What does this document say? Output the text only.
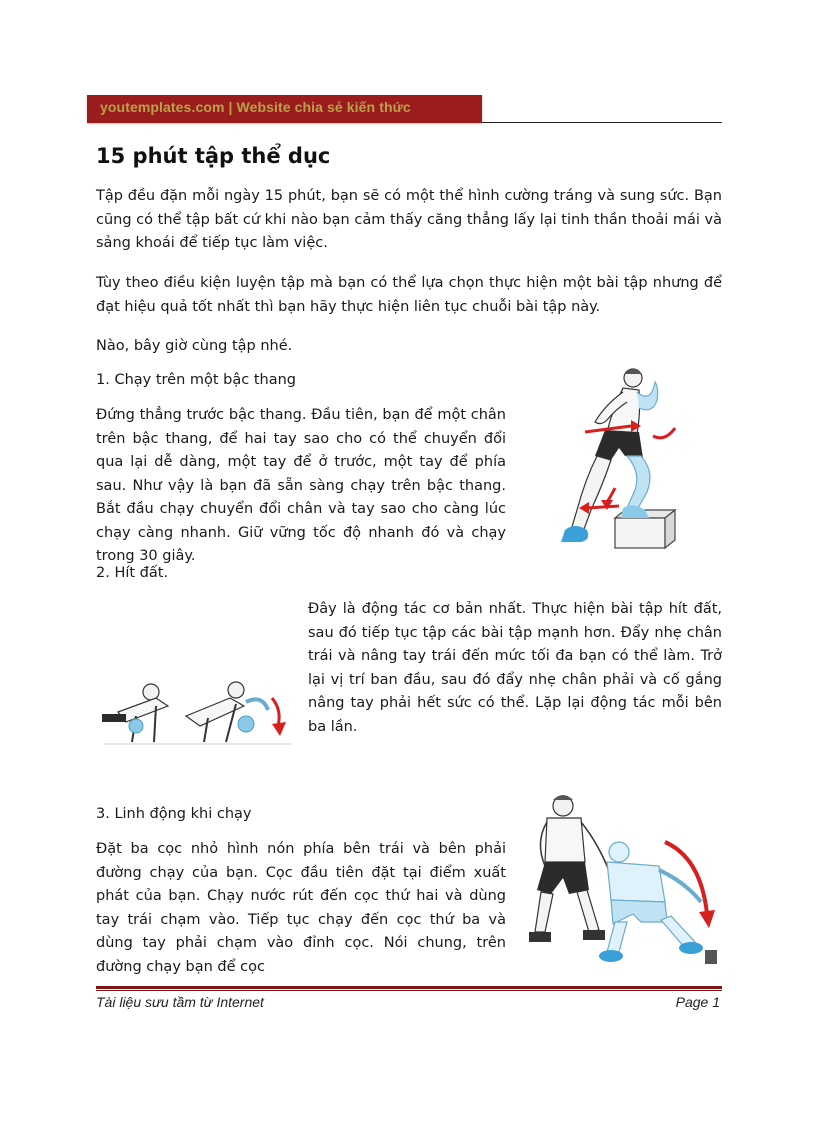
youtemplates.com | Website chia sẻ kiến thức
15 phút tập thể dục

Tập đều đặn mỗi ngày 15 phút, bạn sẽ có một thể hình cường tráng và sung sức. Bạn cũng có thể tập bất cứ khi nào bạn cảm thấy căng thẳng lấy lại tinh thần thoải mái và sảng khoái để tiếp tục làm việc.

Tùy theo điều kiện luyện tập mà bạn có thể lựa chọn thực hiện một bài tập nhưng để đạt hiệu quả tốt nhất thì bạn hãy thực hiện liên tục chuỗi bài tập này.

Nào, bây giờ cùng tập nhé.

1. Chạy trên một bậc thang

Đứng thẳng trước bậc thang. Đầu tiên, bạn để một chân trên bậc thang, để hai tay sao cho có thể chuyển đổi qua lại dễ dàng, một tay để ở trước, một tay để phía sau. Như vậy là bạn đã sẵn sàng chạy trên bậc thang. Bắt đầu chạy chuyển đổi chân và tay sao cho càng lúc chạy càng nhanh. Giữ vững tốc độ nhanh đó và chạy trong 30 giây.

2. Hít đất.

Đây là động tác cơ bản nhất. Thực hiện bài tập hít đất, sau đó tiếp tục tập các bài tập mạnh hơn. Đẩy nhẹ chân trái và nâng tay trái đến mức tối đa bạn có thể làm. Trở lại vị trí ban đầu, sau đó đẩy nhẹ chân phải và cố gắng nâng tay phải hết sức có thể. Lặp lại động tác mỗi bên ba lần.

3. Linh động khi chạy

Đặt ba cọc nhỏ hình nón phía bên trái và bên phải đường chạy của bạn. Cọc đầu tiên đặt tại điểm xuất phát của bạn. Chạy nước rút đến cọc thứ hai và dùng tay trái chạm vào. Tiếp tục chạy đến cọc thứ ba và dùng tay phải chạm vào đỉnh cọc. Nói chung, trên đường chạy bạn để cọc

Tài liệu sưu tầm từ Internet	Page 1
